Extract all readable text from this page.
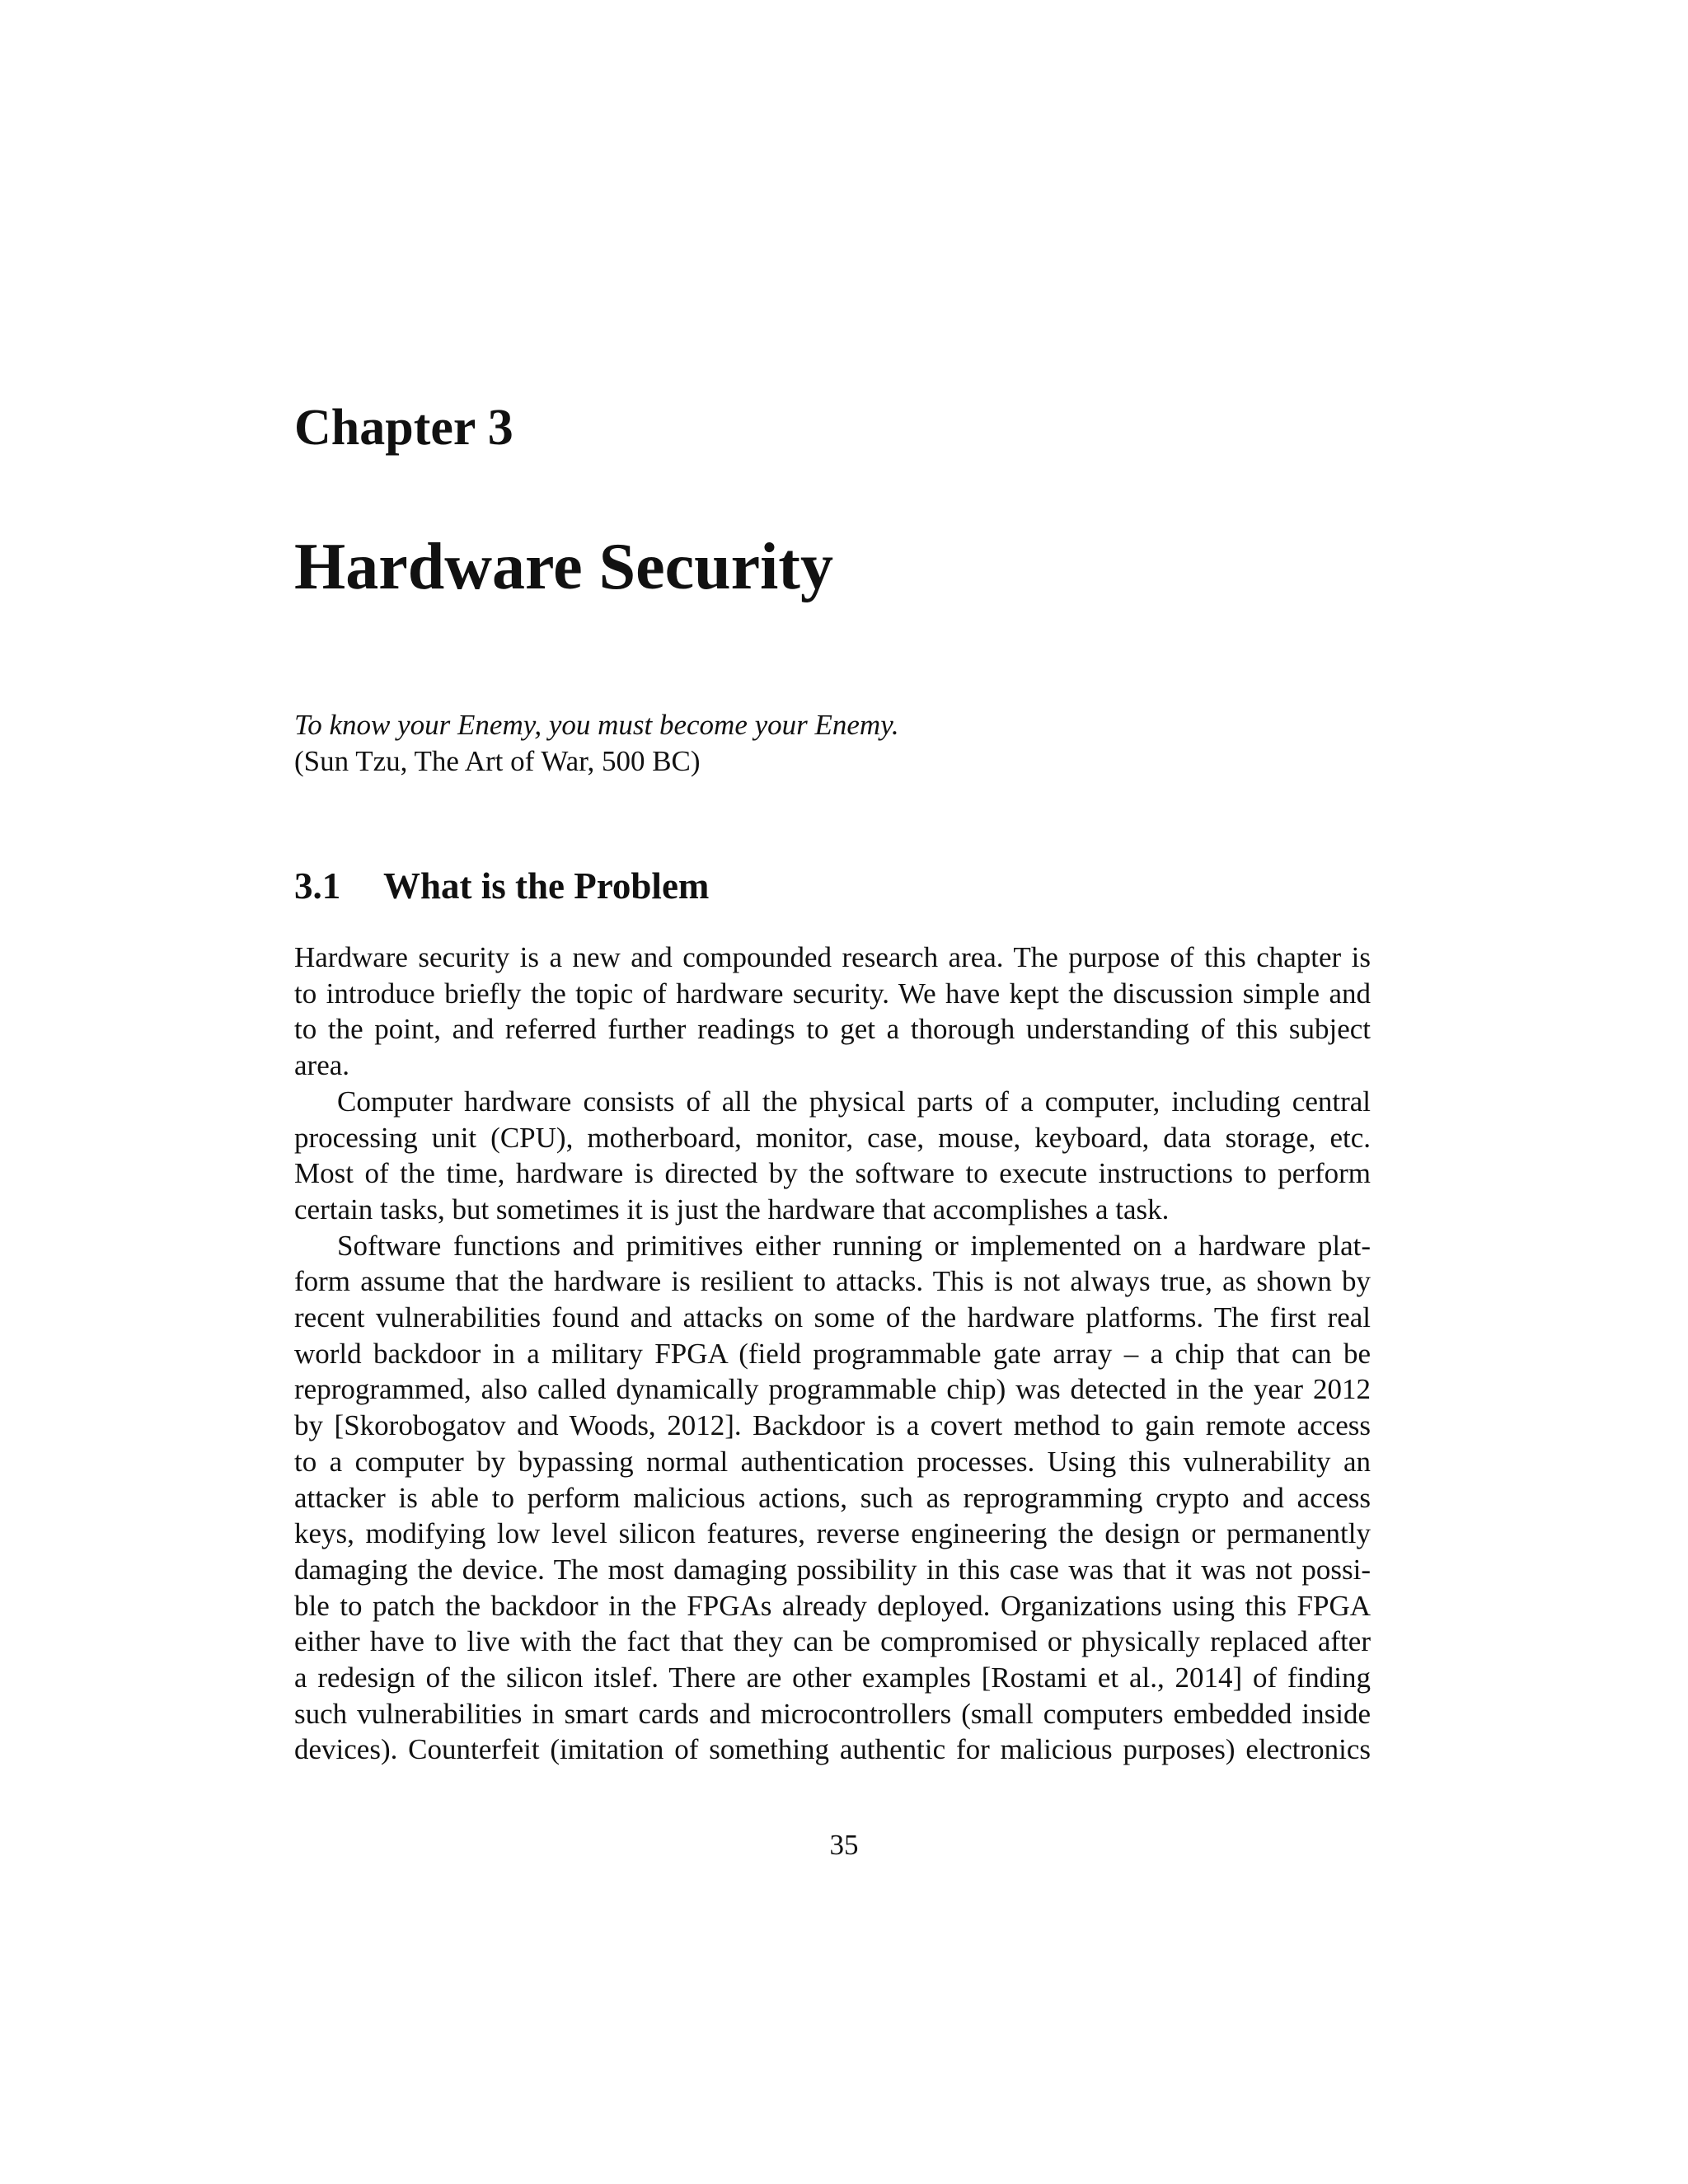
Chapter 3
Hardware Security
To know your Enemy, you must become your Enemy.
(Sun Tzu, The Art of War, 500 BC)
3.1 What is the Problem

Hardware security is a new and compounded research area. The purpose of this chapter is
to introduce briefly the topic of hardware security. We have kept the discussion simple and
to the point, and referred further readings to get a thorough understanding of this subject
area.

Computer hardware consists of all the physical parts of a computer, including central
processing unit (CPU), motherboard, monitor, case, mouse, keyboard, data storage, etc.
Most of the time, hardware is directed by the software to execute instructions to perform
certain tasks, but sometimes it is just the hardware that accomplishes a task.

Software functions and primitives either running or implemented on a hardware plat-
form assume that the hardware is resilient to attacks. This is not always true, as shown by
recent vulnerabilities found and attacks on some of the hardware platforms. The first real
world backdoor in a military FPGA (field programmable gate array – a chip that can be
reprogrammed, also called dynamically programmable chip) was detected in the year 2012
by [Skorobogatov and Woods, 2012]. Backdoor is a covert method to gain remote access
to a computer by bypassing normal authentication processes. Using this vulnerability an
attacker is able to perform malicious actions, such as reprogramming crypto and access
keys, modifying low level silicon features, reverse engineering the design or permanently
damaging the device. The most damaging possibility in this case was that it was not possi-
ble to patch the backdoor in the FPGAs already deployed. Organizations using this FPGA
either have to live with the fact that they can be compromised or physically replaced after
a redesign of the silicon itslef. There are other examples [Rostami et al., 2014] of finding
such vulnerabilities in smart cards and microcontrollers (small computers embedded inside
devices). Counterfeit (imitation of something authentic for malicious purposes) electronics

35
